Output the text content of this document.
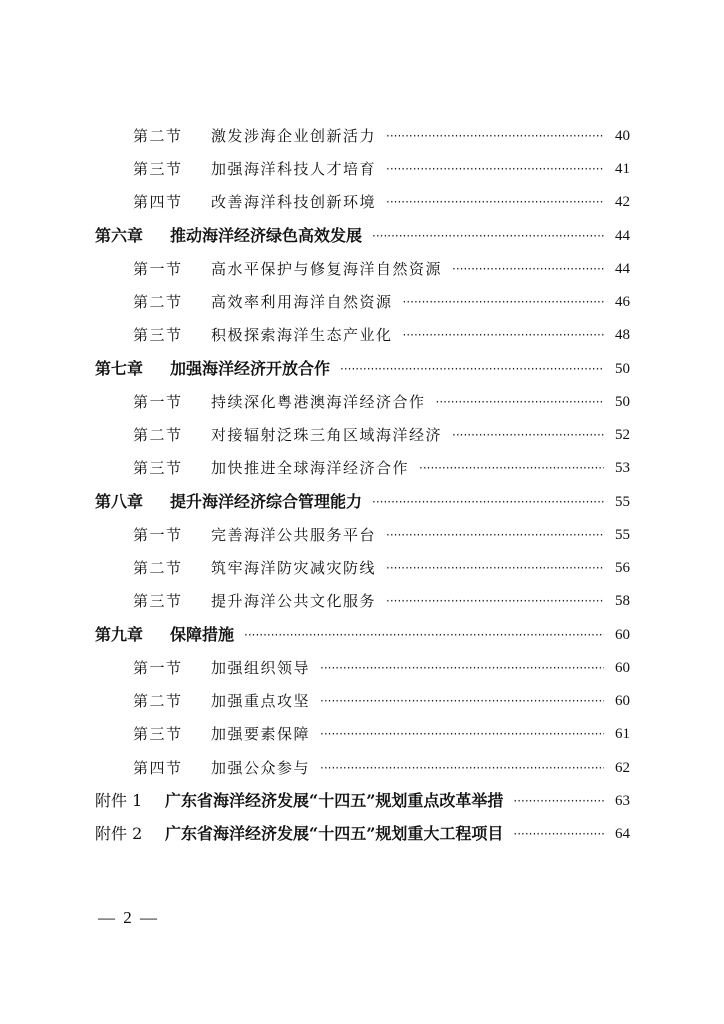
第二节	激发涉海企业创新活力 ·····	40
第三节	加强海洋科技人才培育 ·····	41
第四节	改善海洋科技创新环境 ·····	42
第六章	推动海洋经济绿色高效发展 ·····	44
第一节	高水平保护与修复海洋自然资源 ·····	44
第二节	高效率利用海洋自然资源 ·····	46
第三节	积极探索海洋生态产业化 ·····	48
第七章	加强海洋经济开放合作 ·····	50
第一节	持续深化粤港澳海洋经济合作 ·····	50
第二节	对接辐射泛珠三角区域海洋经济 ·····	52
第三节	加快推进全球海洋经济合作 ·····	53
第八章	提升海洋经济综合管理能力 ·····	55
第一节	完善海洋公共服务平台 ·····	55
第二节	筑牢海洋防灾减灾防线 ·····	56
第三节	提升海洋公共文化服务 ·····	58
第九章	保障措施 ·····	60
第一节	加强组织领导 ·····	60
第二节	加强重点攻坚 ·····	60
第三节	加强要素保障 ·····	61
第四节	加强公众参与 ·····	62
附件 1	广东省海洋经济发展“十四五”规划重点改革举措 ·····	63
附件 2	广东省海洋经济发展“十四五”规划重大工程项目 ·····	64
— 2 —
